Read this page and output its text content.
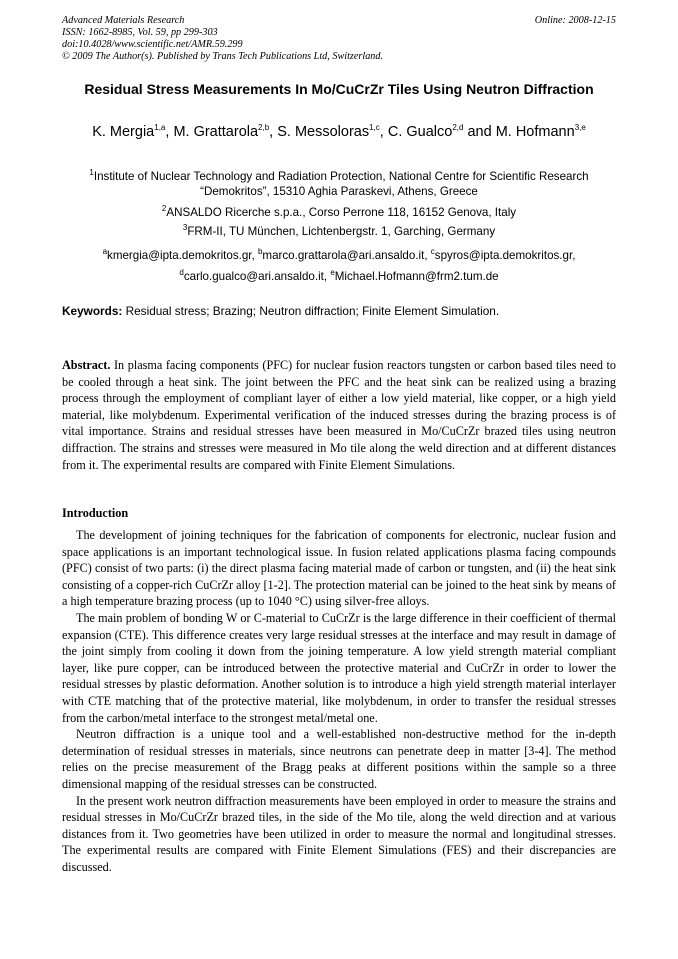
Advanced Materials Research	Online: 2008-12-15
ISSN: 1662-8985, Vol. 59, pp 299-303
doi:10.4028/www.scientific.net/AMR.59.299
© 2009 The Author(s). Published by Trans Tech Publications Ltd, Switzerland.
Residual Stress Measurements In Mo/CuCrZr Tiles Using Neutron Diffraction
K. Mergia$^{1,a}$, M. Grattarola$^{2,b}$, S. Messoloras$^{1,c}$, C. Gualco$^{2,d}$ and M. Hofmann$^{3,e}$
$^1$Institute of Nuclear Technology and Radiation Protection, National Centre for Scientific Research “Demokritos”, 15310 Aghia Paraskevi, Athens, Greece
$^2$ANSALDO Ricerche s.p.a., Corso Perrone 118, 16152 Genova, Italy
$^3$FRM-II, TU München, Lichtenbergstr. 1, Garching, Germany
$^a$kmergia@ipta.demokritos.gr, $^b$marco.grattarola@ari.ansaldo.it, $^c$spyros@ipta.demokritos.gr,
$^d$carlo.gualco@ari.ansaldo.it, $^e$Michael.Hofmann@frm2.tum.de
Keywords: Residual stress; Brazing; Neutron diffraction; Finite Element Simulation.
Abstract. In plasma facing components (PFC) for nuclear fusion reactors tungsten or carbon based tiles need to be cooled through a heat sink. The joint between the PFC and the heat sink can be realized using a brazing process through the employment of compliant layer of either a low yield material, like copper, or a high yield material, like molybdenum. Experimental verification of the induced stresses during the brazing process is of vital importance. Strains and residual stresses have been measured in Mo/CuCrZr brazed tiles using neutron diffraction. The strains and stresses were measured in Mo tile along the weld direction and at different distances from it. The experimental results are compared with Finite Element Simulations.
Introduction

The development of joining techniques for the fabrication of components for electronic, nuclear fusion and space applications is an important technological issue. In fusion related applications plasma facing compounds (PFC) consist of two parts: (i) the direct plasma facing material made of carbon or tungsten, and (ii) the heat sink consisting of a copper-rich CuCrZr alloy [1-2]. The protection material can be joined to the heat sink by means of a high temperature brazing process (up to 1040 °C) using silver-free alloys.

The main problem of bonding W or C-material to CuCrZr is the large difference in their coefficient of thermal expansion (CTE). This difference creates very large residual stresses at the interface and may result in damage of the joint simply from cooling it down from the joining temperature. A low yield strength material compliant layer, like pure copper, can be introduced between the protective material and CuCrZr in order to lower the residual stresses by plastic deformation. Another solution is to introduce a high yield strength material interlayer with CTE matching that of the protective material, like molybdenum, in order to transfer the residual stresses from the carbon/metal interface to the strongest metal/metal one.

Neutron diffraction is a unique tool and a well-established non-destructive method for the in-depth determination of residual stresses in materials, since neutrons can penetrate deep in matter [3-4]. The method relies on the precise measurement of the Bragg peaks at different positions within the sample so a three dimensional mapping of the residual stresses can be constructed.

In the present work neutron diffraction measurements have been employed in order to measure the strains and residual stresses in Mo/CuCrZr brazed tiles, in the side of the Mo tile, along the weld direction and at various distances from it. Two geometries have been utilized in order to measure the normal and longitudinal stresses. The experimental results are compared with Finite Element Simulations (FES) and their discrepancies are discussed.
